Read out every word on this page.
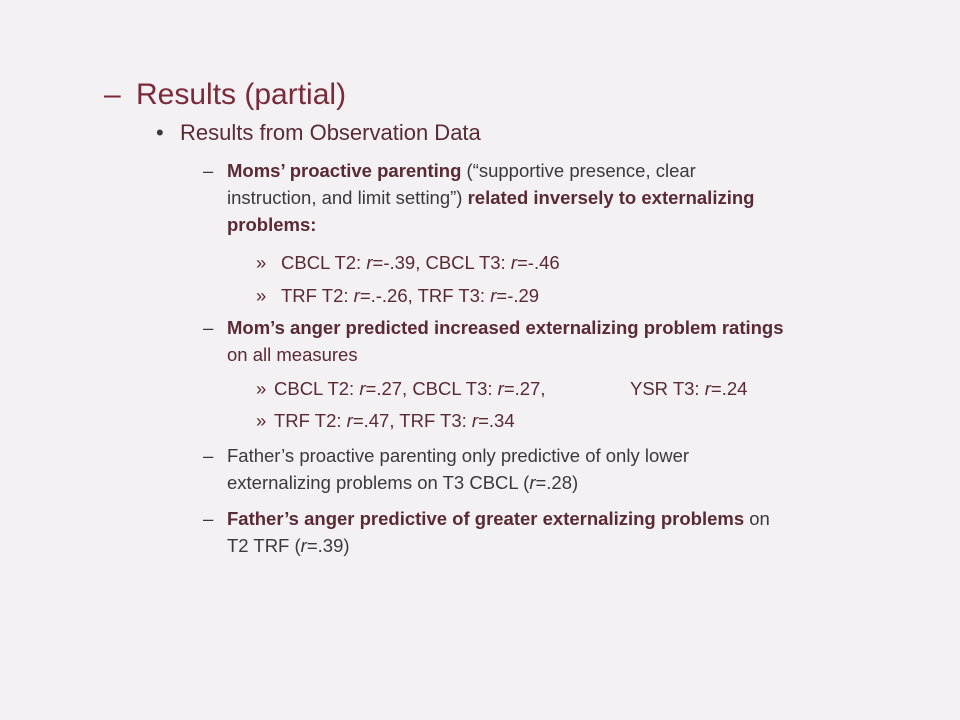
– Results (partial)
• Results from Observation Data
– Moms’ proactive parenting (“supportive presence, clear
instruction, and limit setting”) related inversely to externalizing
problems:
» CBCL T2: r=-.39, CBCL T3: r=-.46
» TRF T2: r=.-.26, TRF T3: r=-.29
– Mom’s anger predicted increased externalizing problem ratings
on all measures
» CBCL T2: r=.27, CBCL T3: r=.27,	YSR T3: r=.24
» TRF T2: r=.47, TRF T3: r=.34
– Father’s proactive parenting only predictive of only lower
externalizing problems on T3 CBCL (r=.28)
– Father’s anger predictive of greater externalizing problems on
T2 TRF (r=.39)
